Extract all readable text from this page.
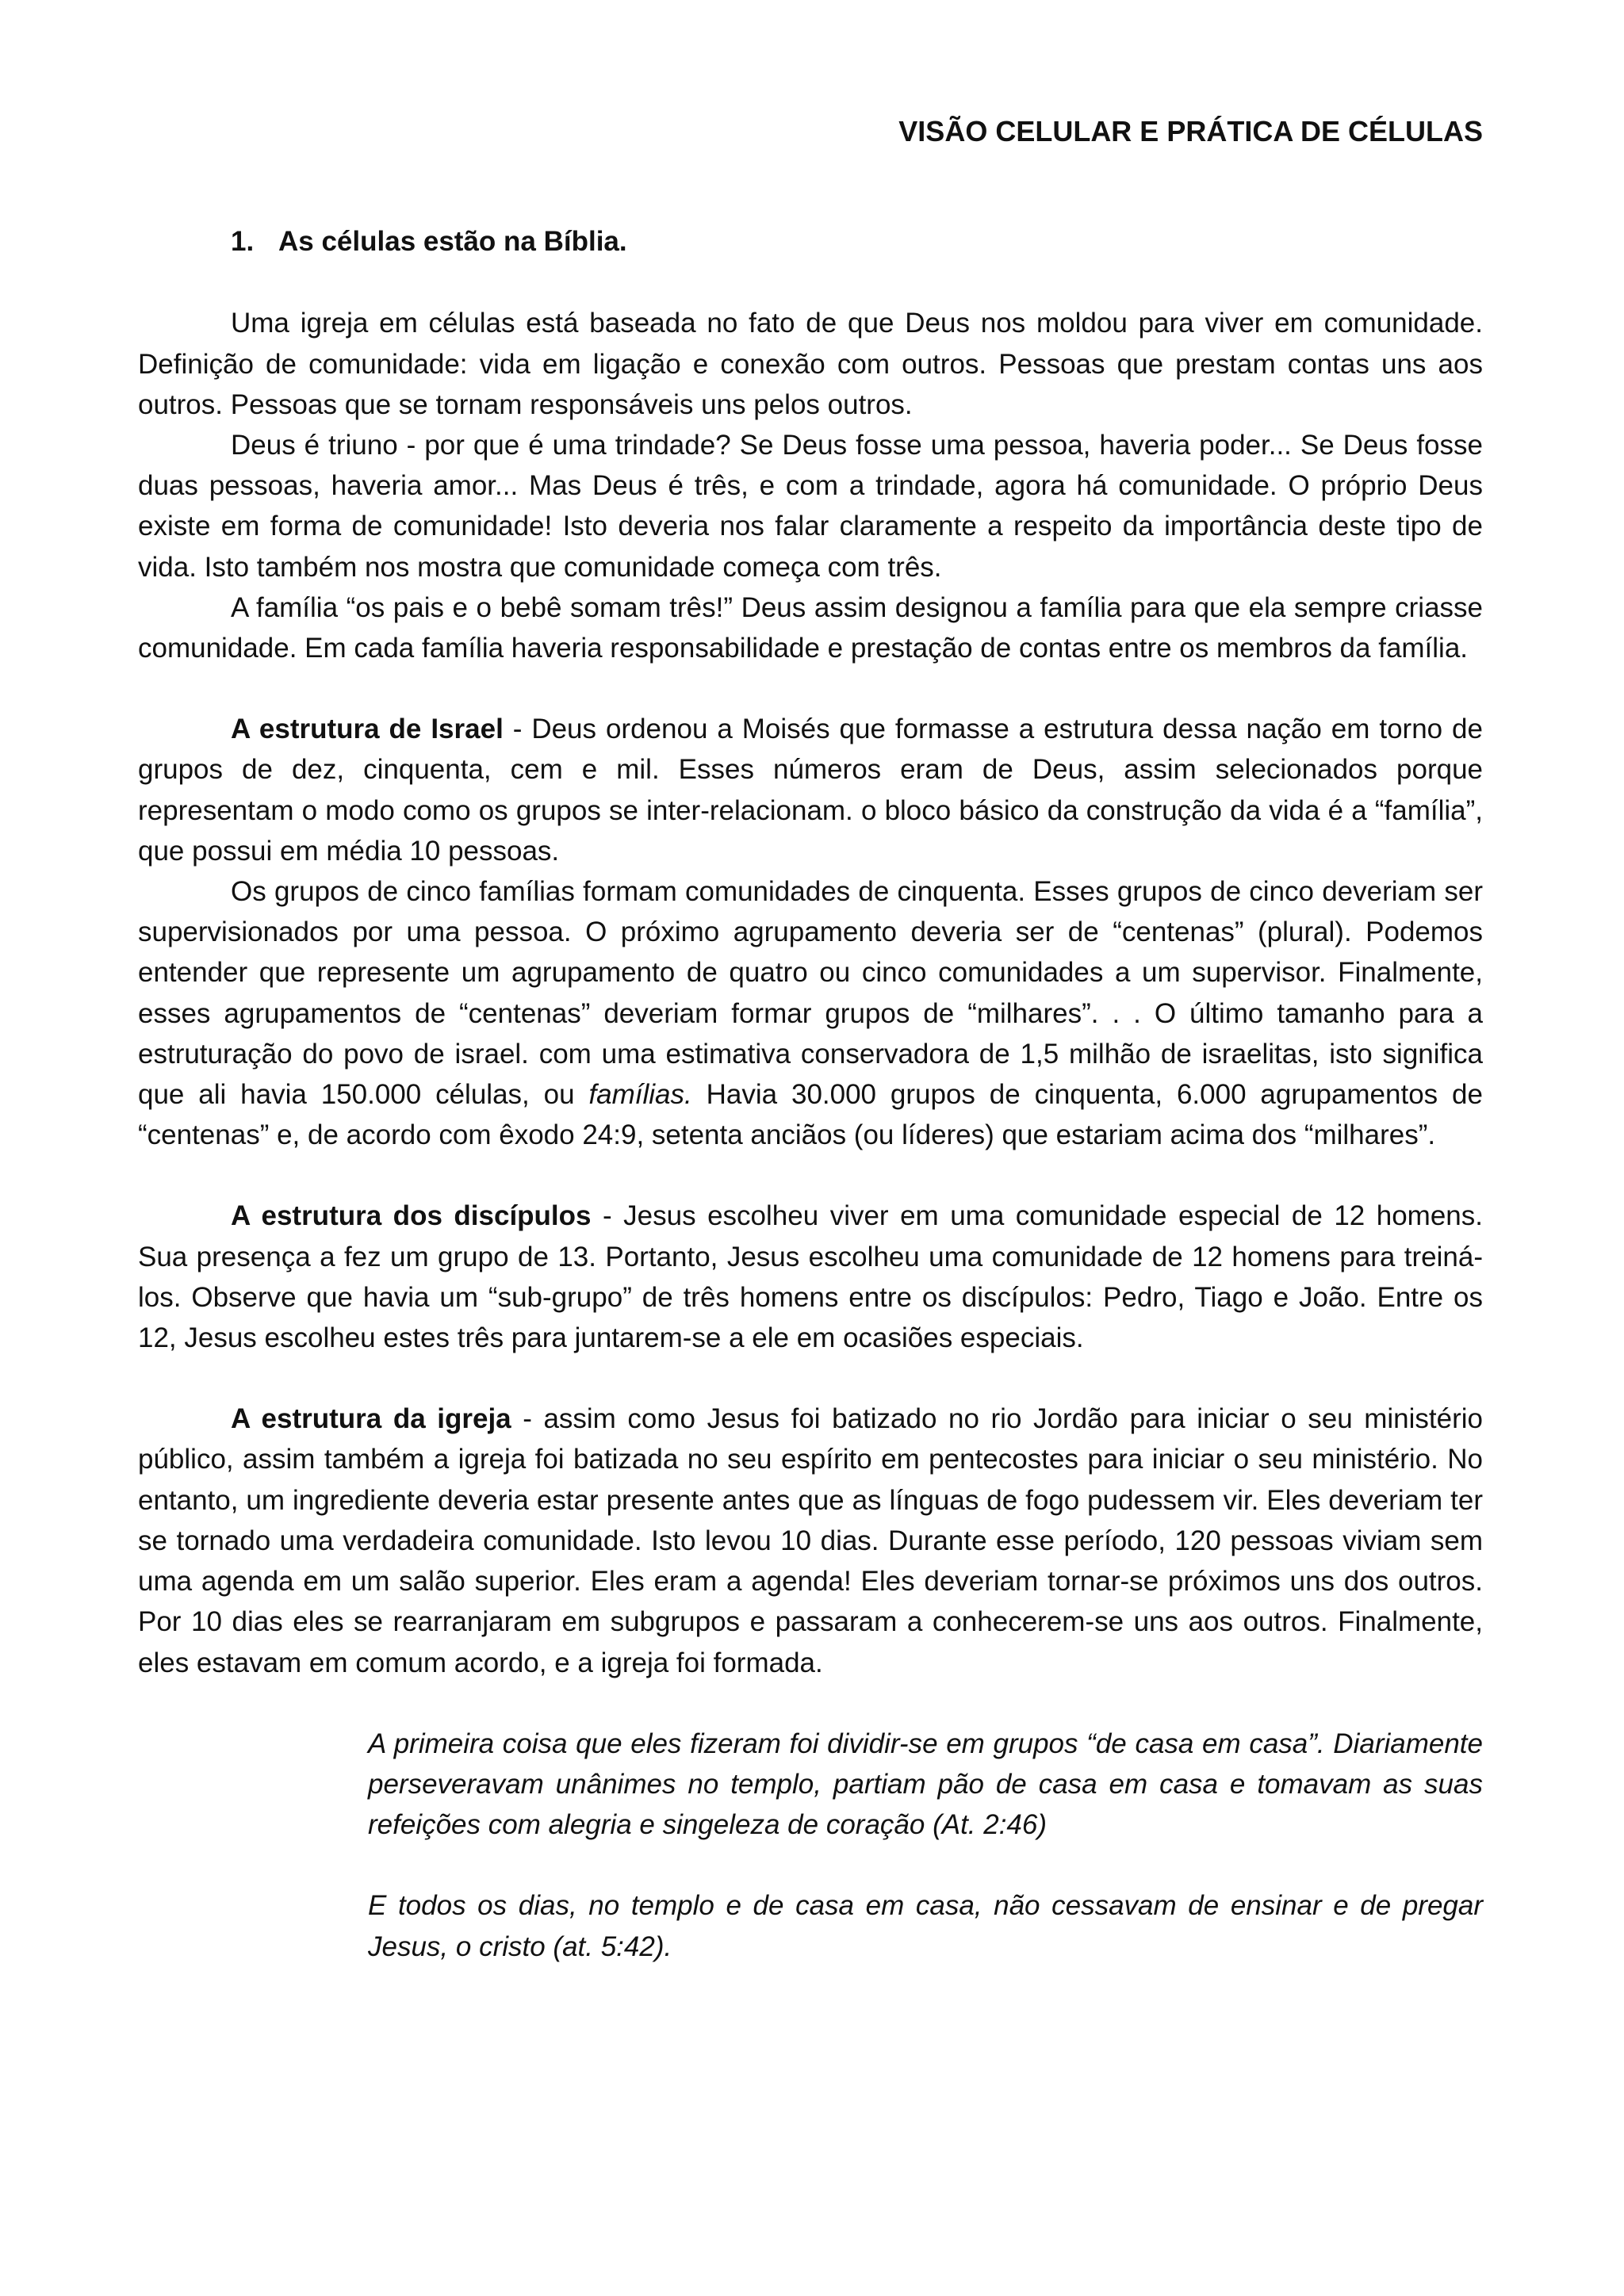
VISÃO CELULAR E PRÁTICA DE CÉLULAS
1. As células estão na Bíblia.

Uma igreja em células está baseada no fato de que Deus nos moldou para viver em comunidade. Definição de comunidade: vida em ligação e conexão com outros. Pessoas que prestam contas uns aos outros. Pessoas que se tornam responsáveis uns pelos outros.

Deus é triuno - por que é uma trindade? Se Deus fosse uma pessoa, haveria poder... Se Deus fosse duas pessoas, haveria amor... Mas Deus é três, e com a trindade, agora há comunidade. O próprio Deus existe em forma de comunidade! Isto deveria nos falar claramente a respeito da importância deste tipo de vida. Isto também nos mostra que comunidade começa com três.

A família “os pais e o bebê somam três!” Deus assim designou a família para que ela sempre criasse comunidade. Em cada família haveria responsabilidade e prestação de contas entre os membros da família.

A estrutura de Israel - Deus ordenou a Moisés que formasse a estrutura dessa nação em torno de grupos de dez, cinquenta, cem e mil. Esses números eram de Deus, assim selecionados porque representam o modo como os grupos se inter-relacionam. o bloco básico da construção da vida é a “família”, que possui em média 10 pessoas.

Os grupos de cinco famílias formam comunidades de cinquenta. Esses grupos de cinco deveriam ser supervisionados por uma pessoa. O próximo agrupamento deveria ser de “centenas” (plural). Podemos entender que represente um agrupamento de quatro ou cinco comunidades a um supervisor. Finalmente, esses agrupamentos de “centenas” deveriam formar grupos de “milhares”. . . O último tamanho para a estruturação do povo de israel. com uma estimativa conservadora de 1,5 milhão de israelitas, isto significa que ali havia 150.000 células, ou famílias. Havia 30.000 grupos de cinquenta, 6.000 agrupamentos de “centenas” e, de acordo com êxodo 24:9, setenta anciãos (ou líderes) que estariam acima dos “milhares”.

A estrutura dos discípulos - Jesus escolheu viver em uma comunidade especial de 12 homens. Sua presença a fez um grupo de 13. Portanto, Jesus escolheu uma comunidade de 12 homens para treiná-los. Observe que havia um “sub-grupo” de três homens entre os discípulos: Pedro, Tiago e João. Entre os 12, Jesus escolheu estes três para juntarem-se a ele em ocasiões especiais.

A estrutura da igreja - assim como Jesus foi batizado no rio Jordão para iniciar o seu ministério público, assim também a igreja foi batizada no seu espírito em pentecostes para iniciar o seu ministério. No entanto, um ingrediente deveria estar presente antes que as línguas de fogo pudessem vir. Eles deveriam ter se tornado uma verdadeira comunidade. Isto levou 10 dias. Durante esse período, 120 pessoas viviam sem uma agenda em um salão superior. Eles eram a agenda! Eles deveriam tornar-se próximos uns dos outros. Por 10 dias eles se rearranjaram em subgrupos e passaram a conhecerem-se uns aos outros. Finalmente, eles estavam em comum acordo, e a igreja foi formada.

A primeira coisa que eles fizeram foi dividir-se em grupos “de casa em casa”. Diariamente perseveravam unânimes no templo, partiam pão de casa em casa e tomavam as suas refeições com alegria e singeleza de coração (At. 2:46)

E todos os dias, no templo e de casa em casa, não cessavam de ensinar e de pregar Jesus, o cristo (at. 5:42).
